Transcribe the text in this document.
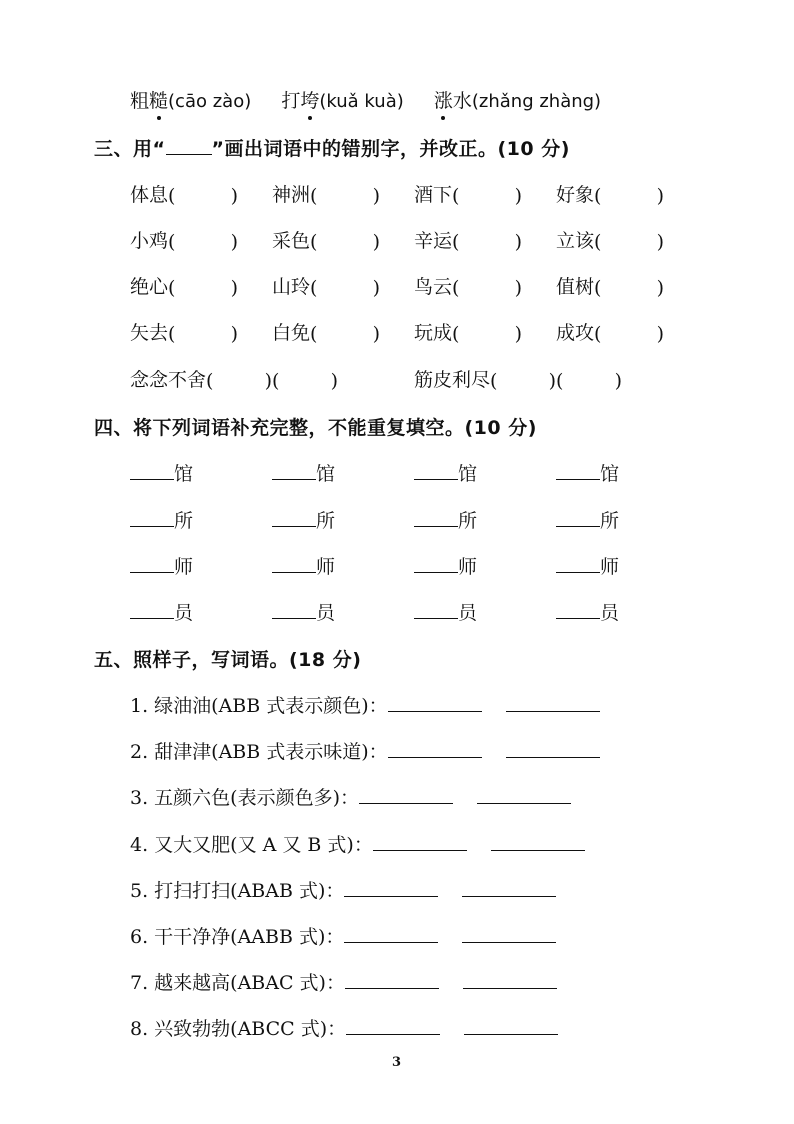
粗糙(cāo zào) 打垮(kuǎ kuà) 涨水(zhǎng zhàng)
三、用“ ”画出词语中的错别字，并改正。(10 分)
体息 (	) 神洲 (	) 酒下 (	) 好象 (	)
小鸡 (	) 采色 (	) 辛运 (	) 立该 (	)
绝心 (	) 山玲 (	) 鸟云 (	) 值树 (	)
矢去 (	) 白免 (	) 玩成 (	) 成攻 (	)
念念不舍 (	) (	)	筋皮利尽 (	) (	)
四、将下列词语补充完整，不能重复填空。(10 分)
馆	馆	馆	馆
所	所	所	所
师	师	师	师
员	员	员	员
五、照样子，写词语。(18 分)
1. 绿油油(ABB 式表示颜色)：
2. 甜津津(ABB 式表示味道)：
3. 五颜六色(表示颜色多)：
4. 又大又肥(又 A 又 B 式)：
5. 打扫打扫(ABAB 式)：
6. 干干净净(AABB 式)：
7. 越来越高(ABAC 式)：
8. 兴致勃勃(ABCC 式)：
3
